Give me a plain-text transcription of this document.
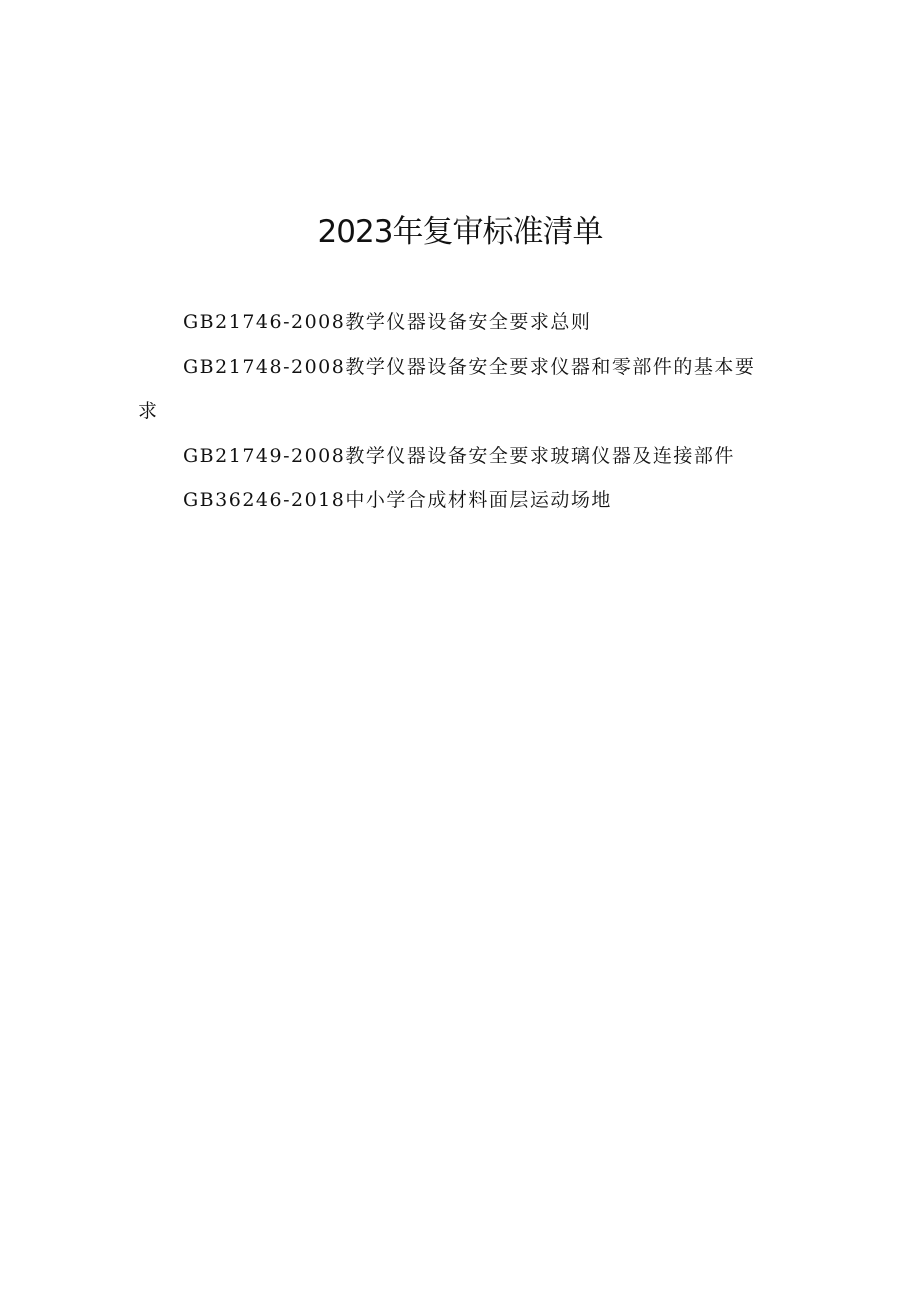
2023年复审标准清单

GB21746-2008教学仪器设备安全要求总则

GB21748-2008教学仪器设备安全要求仪器和零部件的基本要求

GB21749-2008教学仪器设备安全要求玻璃仪器及连接部件

GB36246-2018中小学合成材料面层运动场地
